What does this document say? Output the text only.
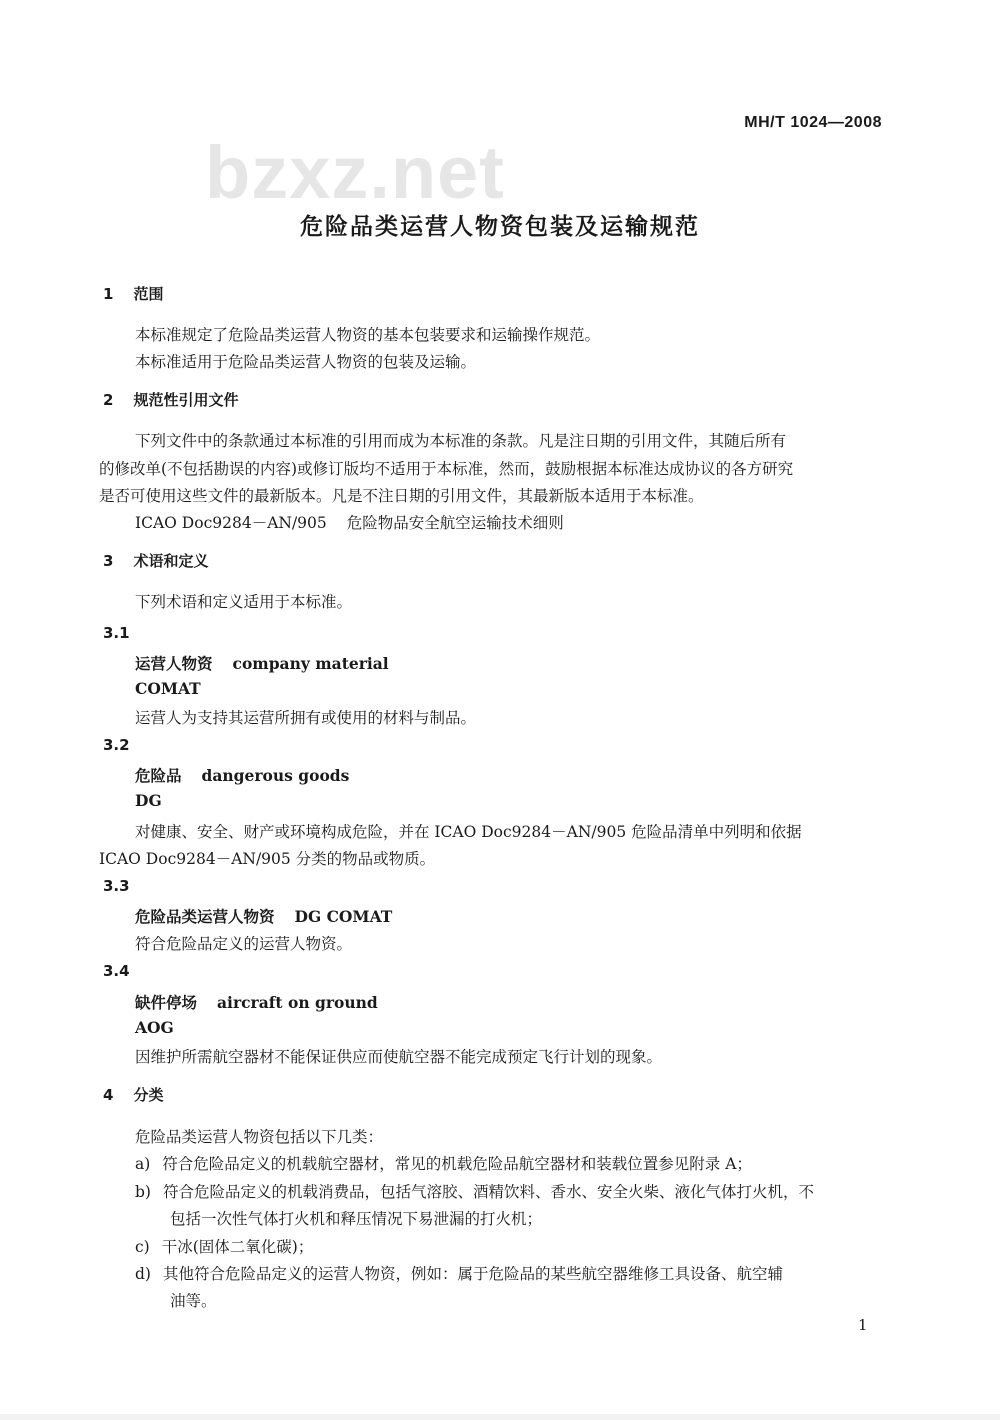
bzxz.net
MH/T 1024—2008
危险品类运营人物资包装及运输规范
1 范围
本标准规定了危险品类运营人物资的基本包装要求和运输操作规范。
本标准适用于危险品类运营人物资的包装及运输。
2 规范性引用文件
下列文件中的条款通过本标准的引用而成为本标准的条款。凡是注日期的引用文件，其随后所有
的修改单(不包括勘误的内容)或修订版均不适用于本标准，然而，鼓励根据本标准达成协议的各方研究
是否可使用这些文件的最新版本。凡是不注日期的引用文件，其最新版本适用于本标准。
ICAO Doc9284－AN/905 危险物品安全航空运输技术细则
3 术语和定义
下列术语和定义适用于本标准。
3.1
运营人物资 company material
COMAT
运营人为支持其运营所拥有或使用的材料与制品。
3.2
危险品 dangerous goods
DG
对健康、安全、财产或环境构成危险，并在 ICAO Doc9284－AN/905 危险品清单中列明和依据
ICAO Doc9284－AN/905 分类的物品或物质。
3.3
危险品类运营人物资 DG COMAT
符合危险品定义的运营人物资。
3.4
缺件停场 aircraft on ground
AOG
因维护所需航空器材不能保证供应而使航空器不能完成预定飞行计划的现象。
4 分类
危险品类运营人物资包括以下几类：
a) 符合危险品定义的机载航空器材，常见的机载危险品航空器材和装载位置参见附录 A；
b) 符合危险品定义的机载消费品，包括气溶胶、酒精饮料、香水、安全火柴、液化气体打火机，不
包括一次性气体打火机和释压情况下易泄漏的打火机；
c) 干冰(固体二氧化碳)；
d) 其他符合危险品定义的运营人物资，例如：属于危险品的某些航空器维修工具设备、航空辅
油等。
1
